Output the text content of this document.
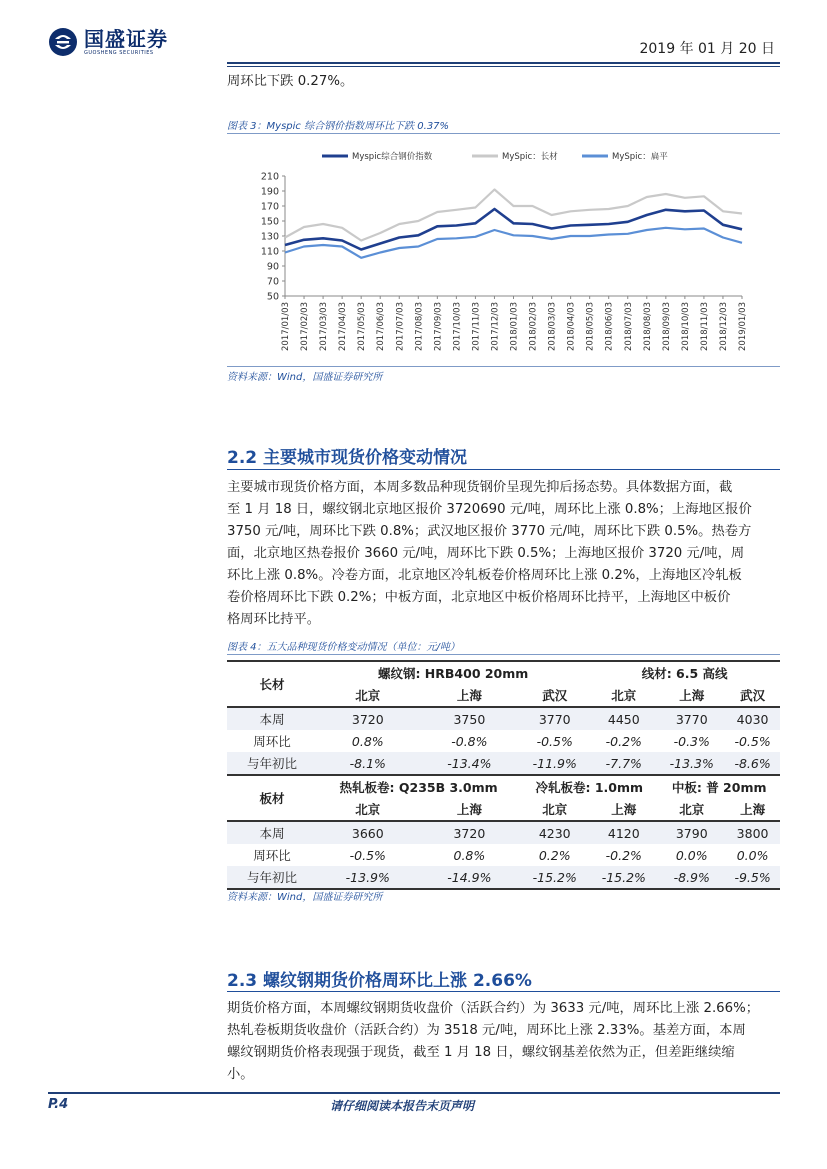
国盛证券
GUOSHENG SECURITIES	2019 年 01 月 20 日
周环比下跌 0.27%。
图表 3：Myspic 综合钢价指数周环比下跌 0.37%
Myspic综合钢价指数	MySpic：长材	MySpic：扁平
50
70
90
110
130
150
170
190
210
2017/01/03 2017/02/03 2017/03/03 2017/04/03 2017/05/03 2017/06/03 2017/07/03 2017/08/03 2017/09/03 2017/10/03 2017/11/03 2017/12/03 2018/01/03 2018/02/03 2018/03/03 2018/04/03 2018/05/03 2018/06/03 2018/07/03 2018/08/03 2018/09/03 2018/10/03 2018/11/03 2018/12/03 2019/01/03
资料来源：Wind，国盛证券研究所
2.2 主要城市现货价格变动情况
主要城市现货价格方面，本周多数品种现货钢价呈现先抑后扬态势。具体数据方面，截
至 1 月 18 日，螺纹钢北京地区报价 3720690 元/吨，周环比上涨 0.8%；上海地区报价
3750 元/吨，周环比下跌 0.8%；武汉地区报价 3770 元/吨，周环比下跌 0.5%。热卷方
面，北京地区热卷报价 3660 元/吨，周环比下跌 0.5%；上海地区报价 3720 元/吨，周
环比上涨 0.8%。冷卷方面，北京地区冷轧板卷价格周环比上涨 0.2%，上海地区冷轧板
卷价格周环比下跌 0.2%；中板方面，北京地区中板价格周环比持平，上海地区中板价
格周环比持平。
图表 4：五大品种现货价格变动情况（单位：元/吨）
长材	螺纹钢: HRB400 20mm			线材: 6.5 高线		
	北京	上海	武汉	北京	上海	武汉
本周	3720	3750	3770	4450	3770	4030
周环比	0.8%	-0.8%	-0.5%	-0.2%	-0.3%	-0.5%
与年初比	-8.1%	-13.4%	-11.9%	-7.7%	-13.3%	-8.6%
板材	热轧板卷: Q235B 3.0mm		冷轧板卷: 1.0mm		中板: 普 20mm	
	北京	上海	北京	上海	北京	上海
本周	3660	3720	4230	4120	3790	3800
周环比	-0.5%	0.8%	0.2%	-0.2%	0.0%	0.0%
与年初比	-13.9%	-14.9%	-15.2%	-15.2%	-8.9%	-9.5%
资料来源：Wind，国盛证券研究所
2.3 螺纹钢期货价格周环比上涨 2.66%
期货价格方面，本周螺纹钢期货收盘价（活跃合约）为 3633 元/吨，周环比上涨 2.66%；
热轧卷板期货收盘价（活跃合约）为 3518 元/吨，周环比上涨 2.33%。基差方面，本周
螺纹钢期货价格表现强于现货，截至 1 月 18 日，螺纹钢基差依然为正，但差距继续缩
小。
P.4	请仔细阅读本报告末页声明
